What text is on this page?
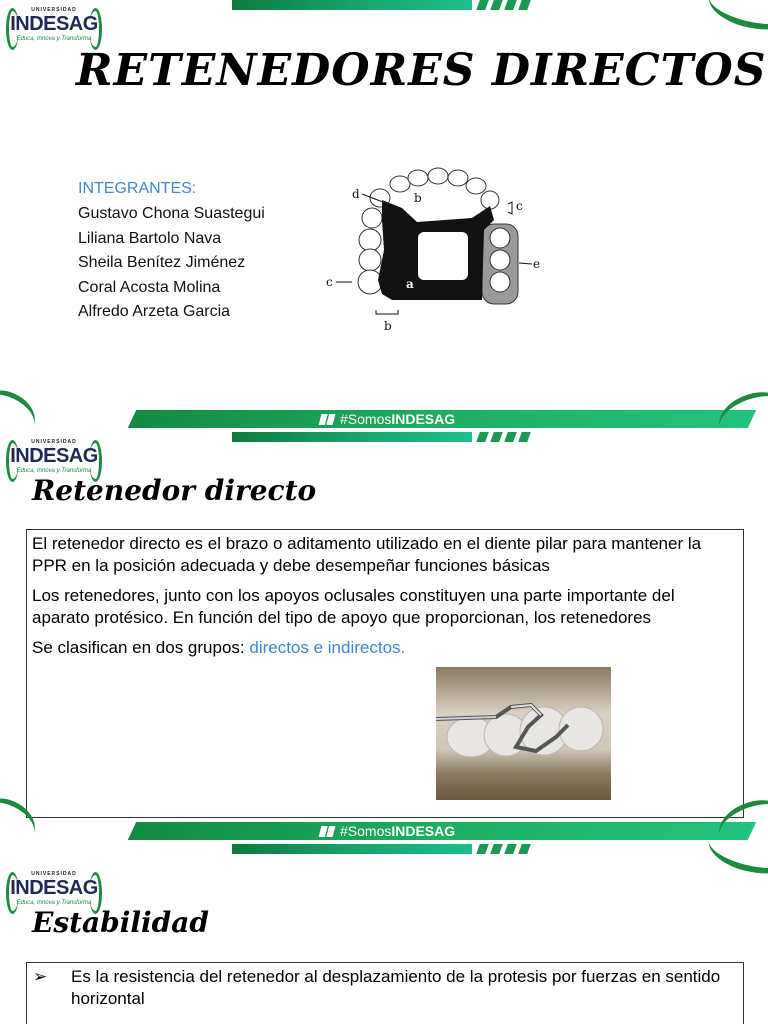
UNIVERSIDAD
INDESAG
Educa, Innova y Transforma
RETENEDORES DIRECTOS
INTEGRANTES:
Gustavo Chona Suastegui
Liliana Bartolo Nava
Sheila Benítez Jiménez
Coral Acosta Molina
Alfredo Arzeta Garcia
d	b
c
e
c	a
b
#SomosINDESAG
UNIVERSIDAD
INDESAG
Educa, Innova y Transforma
Retenedor directo

El retenedor directo es el brazo o aditamento utilizado en el diente pilar para mantener la PPR en la posición adecuada y debe desempeñar funciones básicas

Los retenedores, junto con los apoyos oclusales constituyen una parte importante del aparato protésico. En función del tipo de apoyo que proporcionan, los retenedores

Se clasifican en dos grupos: directos e indirectos.

#SomosINDESAG
UNIVERSIDAD
INDESAG
Educa, Innova y Transforma
Estabilidad
➢	Es la resistencia del retenedor al desplazamiento de la protesis por fuerzas en sentido horizontal
